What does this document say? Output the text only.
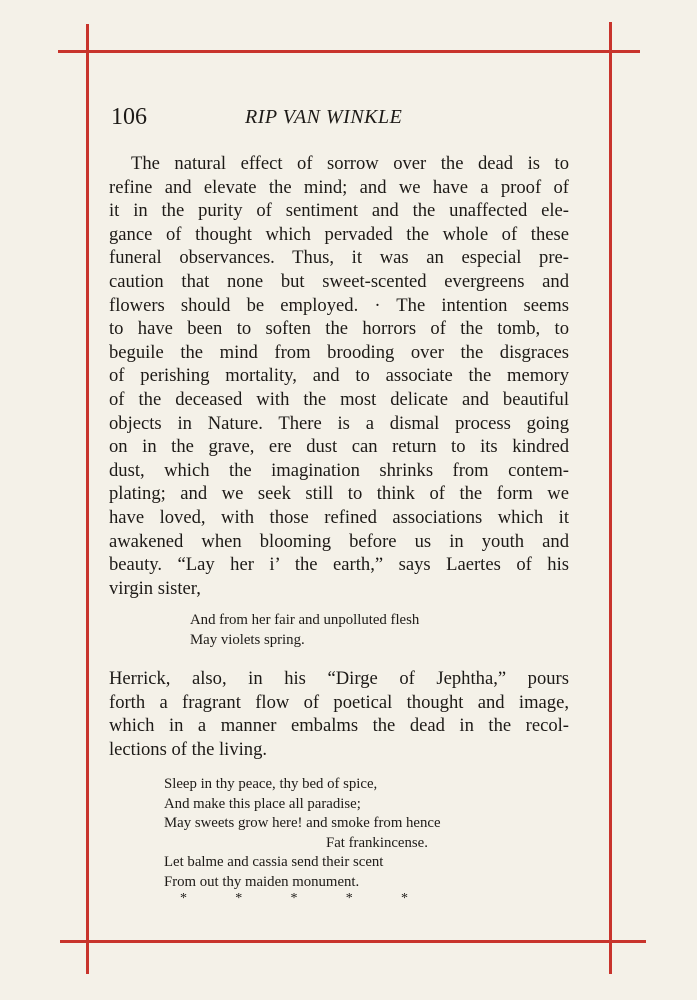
106	RIP VAN WINKLE
The natural effect of sorrow over the dead is to
refine and elevate the mind; and we have a proof of
it in the purity of sentiment and the unaffected ele-
gance of thought which pervaded the whole of these
funeral observances. Thus, it was an especial pre-
caution that none but sweet-scented evergreens and
flowers should be employed. · The intention seems
to have been to soften the horrors of the tomb, to
beguile the mind from brooding over the disgraces
of perishing mortality, and to associate the memory
of the deceased with the most delicate and beautiful
objects in Nature. There is a dismal process going
on in the grave, ere dust can return to its kindred
dust, which the imagination shrinks from contem-
plating; and we seek still to think of the form we
have loved, with those refined associations which it
awakened when blooming before us in youth and
beauty. “Lay her i’ the earth,” says Laertes of his
virgin sister,
And from her fair and unpolluted flesh
May violets spring.
Herrick, also, in his “Dirge of Jephtha,” pours
forth a fragrant flow of poetical thought and image,
which in a manner embalms the dead in the recol-
lections of the living.
Sleep in thy peace, thy bed of spice,
And make this place all paradise;
May sweets grow here! and smoke from hence
Fat frankincense.
Let balme and cassia send their scent
From out thy maiden monument.
*	*	*	*	*
